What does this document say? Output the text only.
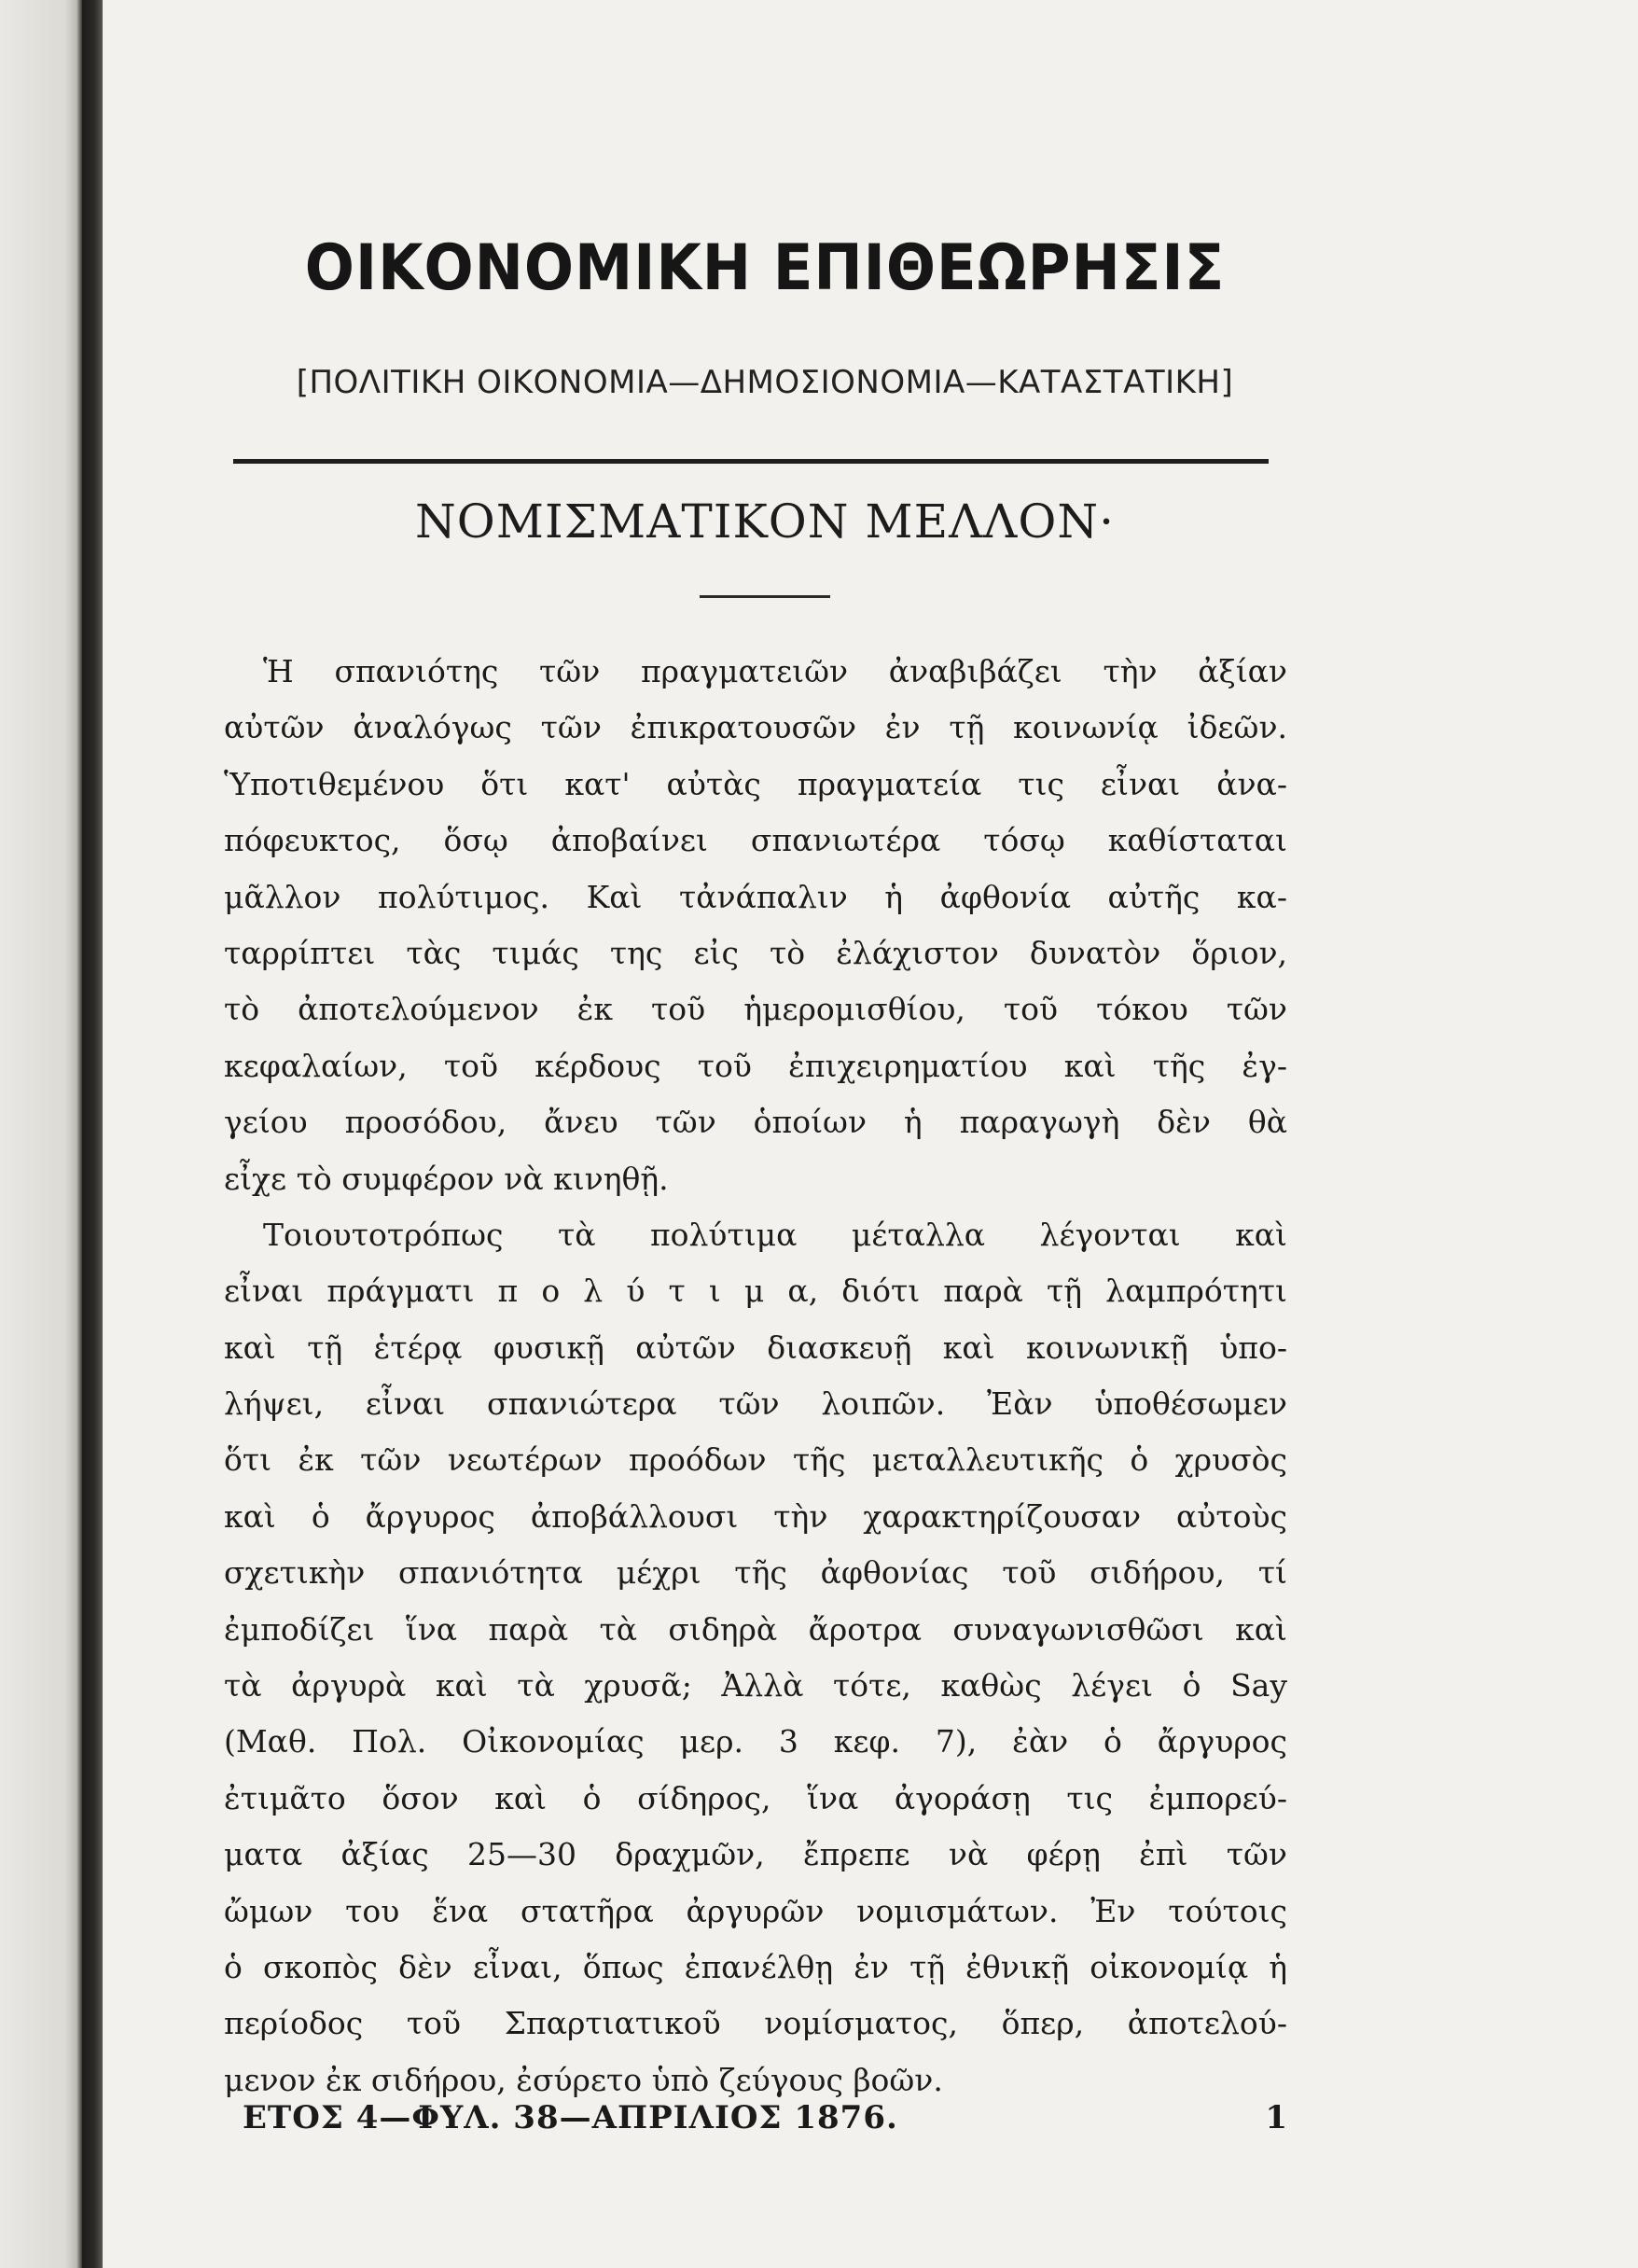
ΟΙΚΟΝΟΜΙΚΗ ΕΠΙΘΕΩΡΗΣΙΣ
[ΠΟΛΙΤΙΚΗ ΟΙΚΟΝΟΜΙΑ—ΔΗΜΟΣΙΟΝΟΜΙΑ—ΚΑΤΑΣΤΑΤΙΚΗ]
ΝΟΜΙΣΜΑΤΙΚΟΝ ΜΕΛΛΟΝ·
Ἡ σπανιότης τῶν πραγματειῶν ἀναβιβάζει τὴν ἀξίαν
αὐτῶν ἀναλόγως τῶν ἐπικρατουσῶν ἐν τῇ κοινωνίᾳ ἰδεῶν.
Ὑποτιθεμένου ὅτι κατ' αὐτὰς πραγματεία τις εἶναι ἀνα-
πόφευκτος, ὅσῳ ἀποβαίνει σπανιωτέρα τόσῳ καθίσταται
μᾶλλον πολύτιμος. Καὶ τἀνάπαλιν ἡ ἀφθονία αὐτῆς κα-
ταρρίπτει τὰς τιμάς της εἰς τὸ ἐλάχιστον δυνατὸν ὅριον,
τὸ ἀποτελούμενον ἐκ τοῦ ἡμερομισθίου, τοῦ τόκου τῶν
κεφαλαίων, τοῦ κέρδους τοῦ ἐπιχειρηματίου καὶ τῆς ἐγ-
γείου προσόδου, ἄνευ τῶν ὁποίων ἡ παραγωγὴ δὲν θὰ
εἶχε τὸ συμφέρον νὰ κινηθῇ.
Τοιουτοτρόπως τὰ πολύτιμα μέταλλα λέγονται καὶ
εἶναι πράγματι π ο λ ύ τ ι μ α, διότι παρὰ τῇ λαμπρότητι
καὶ τῇ ἑτέρᾳ φυσικῇ αὐτῶν διασκευῇ καὶ κοινωνικῇ ὑπο-
λήψει, εἶναι σπανιώτερα τῶν λοιπῶν. Ἐὰν ὑποθέσωμεν
ὅτι ἐκ τῶν νεωτέρων προόδων τῆς μεταλλευτικῆς ὁ χρυσὸς
καὶ ὁ ἄργυρος ἀποβάλλουσι τὴν χαρακτηρίζουσαν αὐτοὺς
σχετικὴν σπανιότητα μέχρι τῆς ἀφθονίας τοῦ σιδήρου, τί
ἐμποδίζει ἵνα παρὰ τὰ σιδηρὰ ἄροτρα συναγωνισθῶσι καὶ
τὰ ἀργυρὰ καὶ τὰ χρυσᾶ; Ἀλλὰ τότε, καθὼς λέγει ὁ Say
(Μαθ. Πολ. Οἰκονομίας μερ. 3 κεφ. 7), ἐὰν ὁ ἄργυρος
ἐτιμᾶτο ὅσον καὶ ὁ σίδηρος, ἵνα ἀγοράσῃ τις ἐμπορεύ-
ματα ἀξίας 25—30 δραχμῶν, ἔπρεπε νὰ φέρῃ ἐπὶ τῶν
ὤμων του ἕνα στατῆρα ἀργυρῶν νομισμάτων. Ἐν τούτοις
ὁ σκοπὸς δὲν εἶναι, ὅπως ἐπανέλθῃ ἐν τῇ ἐθνικῇ οἰκονομίᾳ ἡ
περίοδος τοῦ Σπαρτιατικοῦ νομίσματος, ὅπερ, ἀποτελού-
μενον ἐκ σιδήρου, ἐσύρετο ὑπὸ ζεύγους βοῶν.
ΕΤΟΣ 4—ΦΥΛ. 38—ΑΠΡΙΛΙΟΣ 1876.	1
